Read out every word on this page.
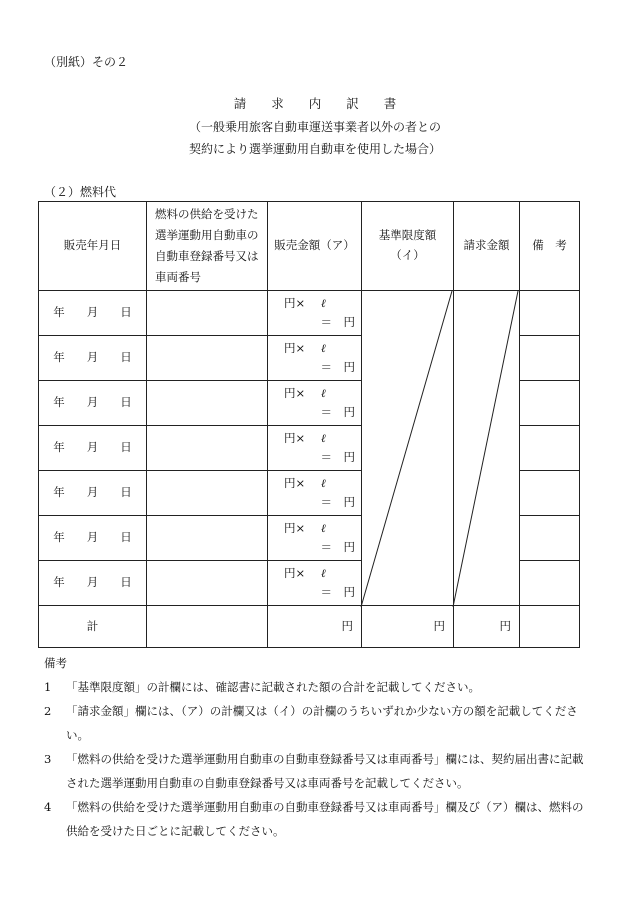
（別紙）その２
請　　求　　内　　訳　　書
（一般乗用旅客自動車運送事業者以外の者との
契約により選挙運動用自動車を使用した場合）
（２）燃料代
販売年月日	燃料の供給を受けた選挙運動用自動車の自動車登録番号又は車両番号	販売金額（ア）	基準限度額
（イ）	請求金額	備　考
年 月 日		円× ℓ
＝　円			

年 月 日		円× ℓ
＝　円			

年 月 日		円× ℓ
＝　円			

年 月 日		円× ℓ
＝　円			

年 月 日		円× ℓ
＝　円			

年 月 日		円× ℓ
＝　円			

年 月 日		円× ℓ
＝　円			

計		円	円	円	
備考
1	「基準限度額」の計欄には、確認書に記載された額の合計を記載してください。
2	「請求金額」欄には、（ア）の計欄又は（イ）の計欄のうちいずれか少ない方の額を記載してください。
3	「燃料の供給を受けた選挙運動用自動車の自動車登録番号又は車両番号」欄には、契約届出書に記載された選挙運動用自動車の自動車登録番号又は車両番号を記載してください。
4	「燃料の供給を受けた選挙運動用自動車の自動車登録番号又は車両番号」欄及び（ア）欄は、燃料の供給を受けた日ごとに記載してください。
